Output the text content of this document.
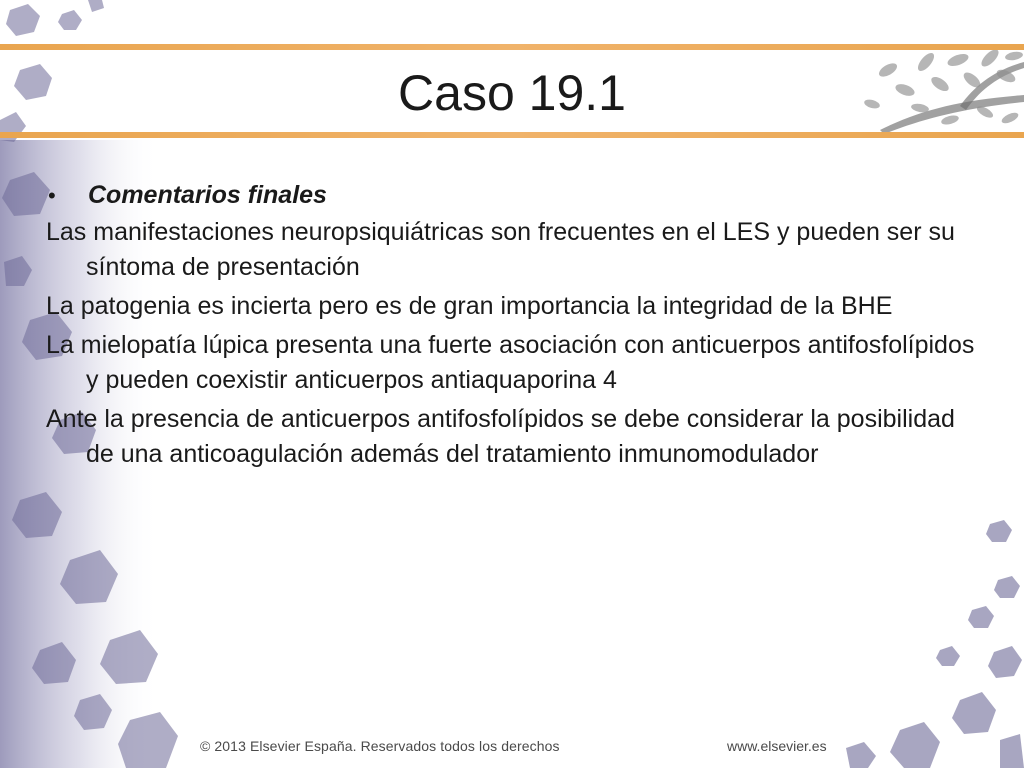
Caso 19.1
•	Comentarios finales

Las manifestaciones neuropsiquiátricas son frecuentes en el LES y pueden ser su síntoma de presentación

La patogenia es incierta pero es de gran importancia la integridad de la BHE

La mielopatía lúpica presenta una fuerte asociación con anticuerpos antifosfolípidos y pueden coexistir anticuerpos antiaquaporina 4

Ante la presencia de anticuerpos antifosfolípidos se debe considerar la posibilidad de una anticoagulación además del tratamiento inmunomodulador

© 2013 Elsevier España. Reservados todos los derechos	www.elsevier.es
